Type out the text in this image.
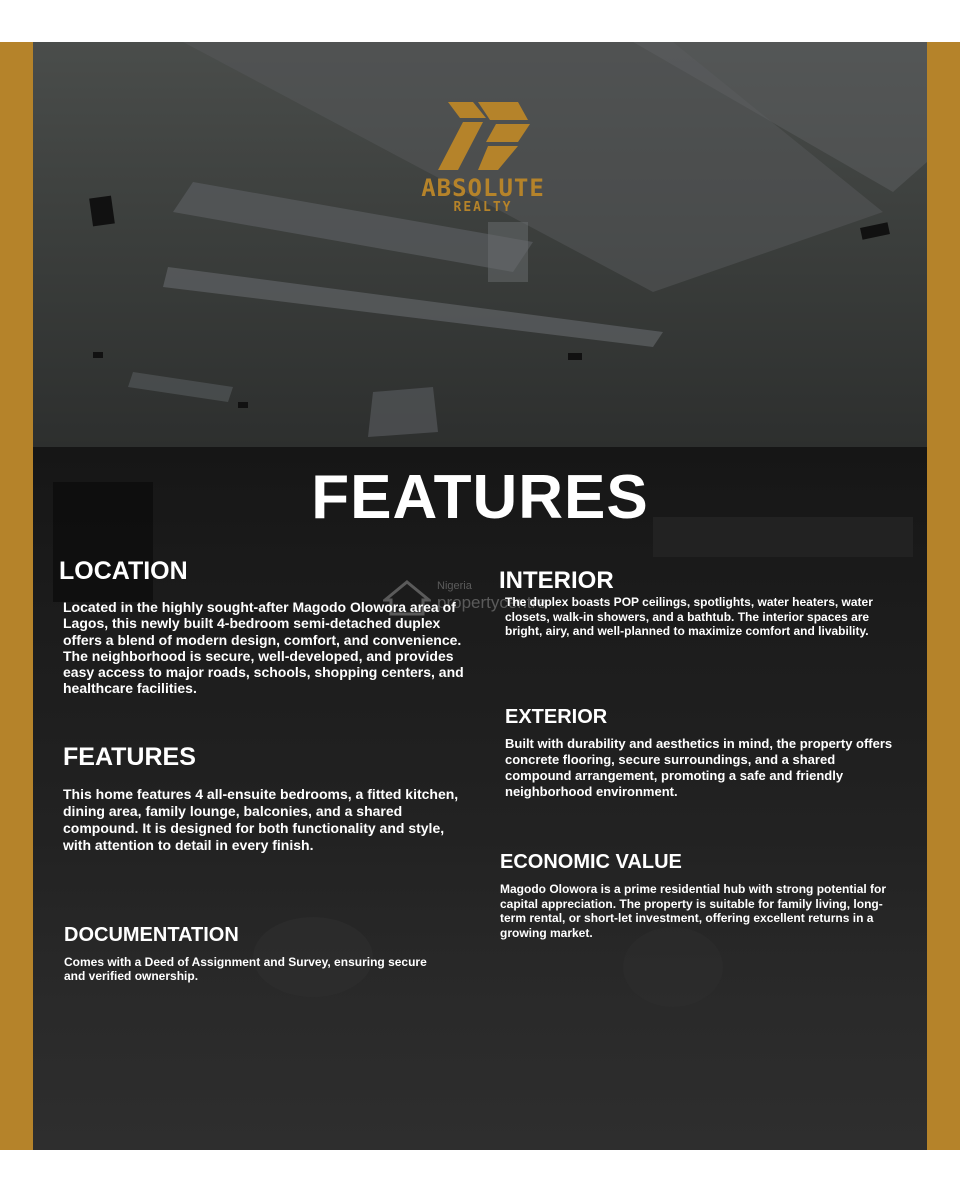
ABSOLUTE
REALTY
FEATURES
Nigeria
propertycentre
LOCATION

Located in the highly sought-after Magodo Olowora area of Lagos, this newly built 4-bedroom semi-detached duplex offers a blend of modern design, comfort, and convenience. The neighborhood is secure, well-developed, and provides easy access to major roads, schools, shopping centers, and healthcare facilities.

FEATURES

This home features 4 all-ensuite bedrooms, a fitted kitchen, dining area, family lounge, balconies, and a shared compound. It is designed for both functionality and style, with attention to detail in every finish.

DOCUMENTATION

Comes with a Deed of Assignment and Survey, ensuring secure and verified ownership.

INTERIOR

The duplex boasts POP ceilings, spotlights, water heaters, water closets, walk-in showers, and a bathtub. The interior spaces are bright, airy, and well-planned to maximize comfort and livability.

EXTERIOR

Built with durability and aesthetics in mind, the property offers concrete flooring, secure surroundings, and a shared compound arrangement, promoting a safe and friendly neighborhood environment.

ECONOMIC VALUE

Magodo Olowora is a prime residential hub with strong potential for capital appreciation. The property is suitable for family living, long-term rental, or short-let investment, offering excellent returns in a growing market.
